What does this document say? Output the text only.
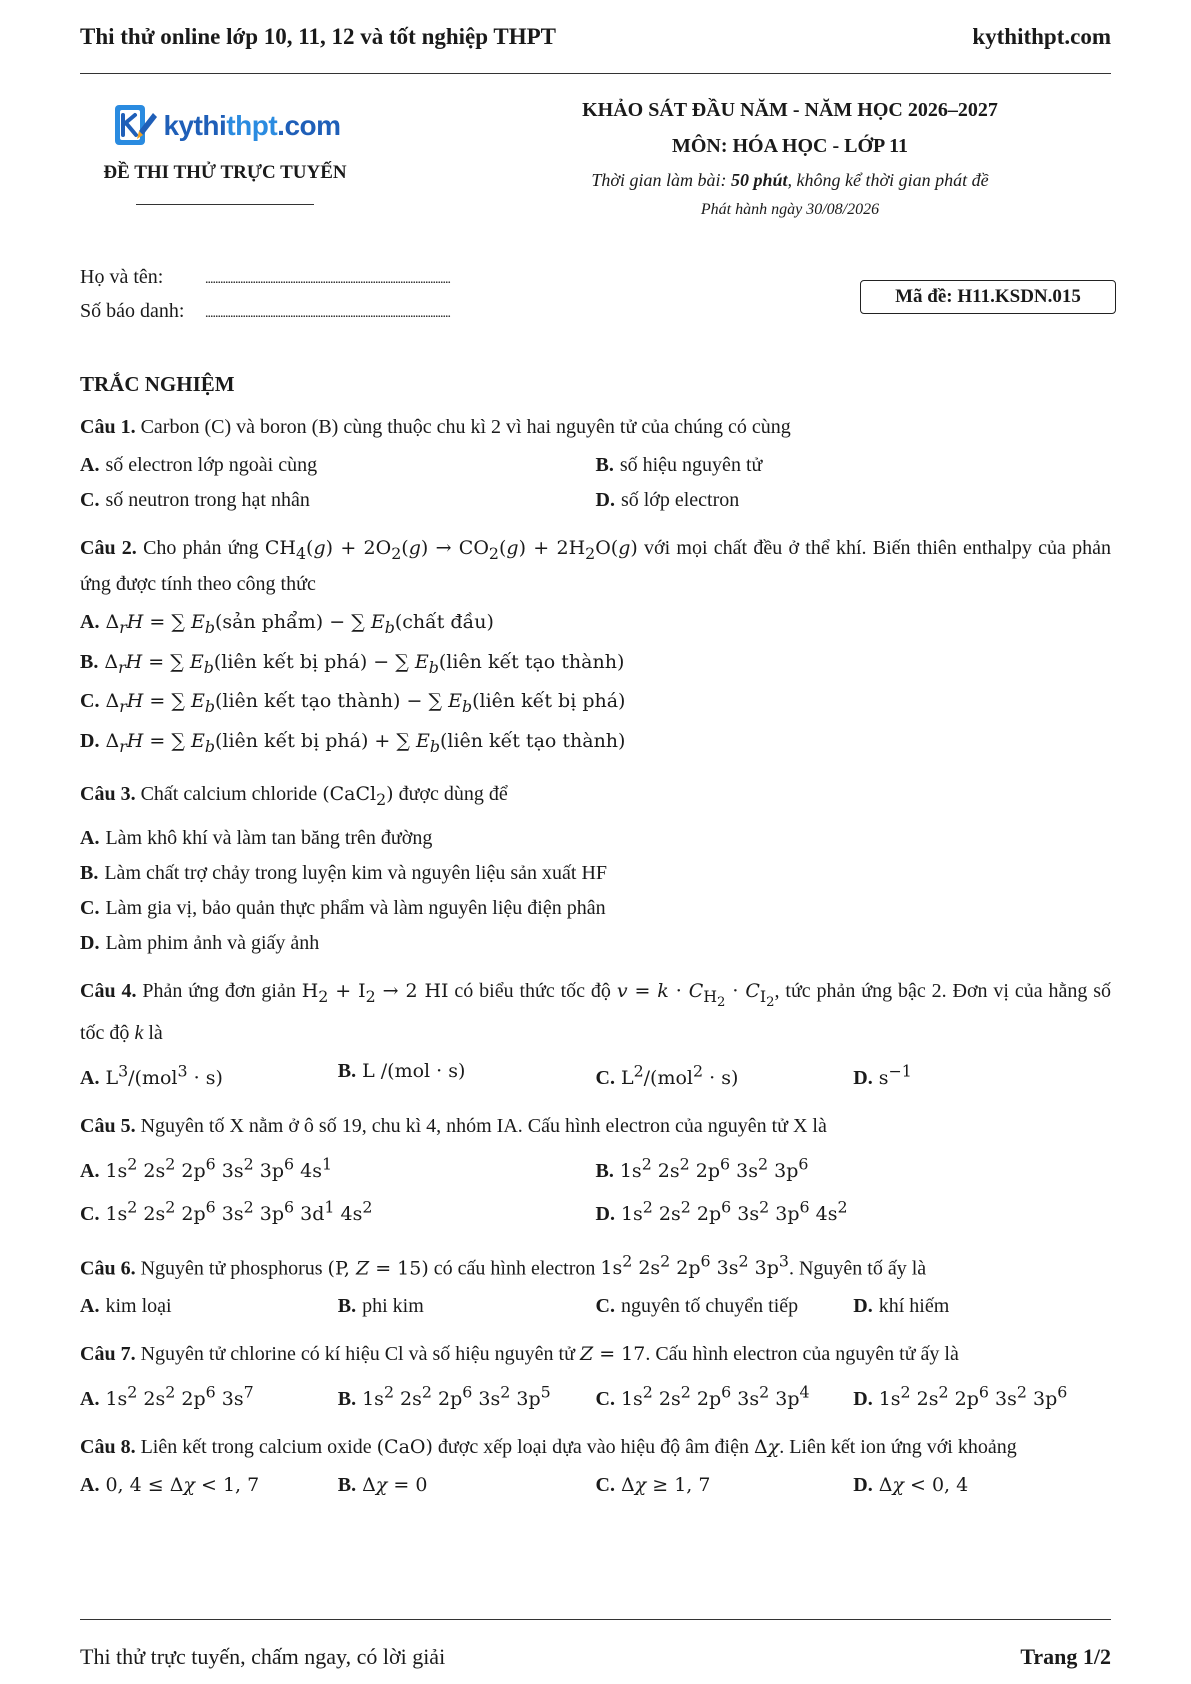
Thi thử online lớp 10, 11, 12 và tốt nghiệp THPT	kythithpt.com
kythithpt.com
ĐỀ THI THỬ TRỰC TUYẾN
KHẢO SÁT ĐẦU NĂM - NĂM HỌC 2026–2027
MÔN: HÓA HỌC - LỚP 11
Thời gian làm bài: 50 phút, không kể thời gian phát đề
Phát hành ngày 30/08/2026
Họ và tên:	..................................................................................................
Số báo danh:	..................................................................................................
Mã đề: H11.KSDN.015
TRẮC NGHIỆM
Câu 1. Carbon (C) và boron (B) cùng thuộc chu kì 2 vì hai nguyên tử của chúng có cùng
A. số electron lớp ngoài cùng	B. số hiệu nguyên tử
C. số neutron trong hạt nhân	D. số lớp electron
Câu 2. Cho phản ứng $CH_4(g) + 2O_2(g) \to CO_2(g) + 2H_2O(g)$ với mọi chất đều ở thể khí. Biến thiên enthalpy của phản ứng được tính theo công thức
A. $\Delta_rH$ = ∑ $E_b(sản$ phẩm) − ∑ $E_b(chất$ đầu)
B. $\Delta_rH$ = ∑ $E_b(liên$ kết bị phá) − ∑ $E_b(liên$ kết tạo thành)
C. $\Delta_rH$ = ∑ $E_b(liên$ kết tạo thành) − ∑ $E_b(liên$ kết bị phá)
D. $\Delta_rH$ = ∑ $E_b(liên$ kết bị phá) + ∑ $E_b(liên$ kết tạo thành)
Câu 3. Chất calcium chloride (CaCl$_2$) được dùng để
A. Làm khô khí và làm tan băng trên đường
B. Làm chất trợ chảy trong luyện kim và nguyên liệu sản xuất HF
C. Làm gia vị, bảo quản thực phẩm và làm nguyên liệu điện phân
D. Làm phim ảnh và giấy ảnh
Câu 4. Phản ứng đơn giản $H_2 + I_2 \to 2$ HI có biểu thức tốc độ $v = k \cdot C_{H_2} \cdot C_{I_2}$, tức phản ứng bậc 2. Đơn vị của hằng số tốc độ k là
A. $L^3/(mol^3 \cdot s)$	B. L /(mol · s)	C. $L^2/(mol^2 \cdot s)$	D. $s^{-1}$
Câu 5. Nguyên tố X nằm ở ô số 19, chu kì 4, nhóm IA. Cấu hình electron của nguyên tử X là
A. $1s^2$ $2s^2$ $2p^6$ $3s^2$ $3p^6$ $4s^1$	B. $1s^2$ $2s^2$ $2p^6$ $3s^2$ $3p^6$
C. $1s^2$ $2s^2$ $2p^6$ $3s^2$ $3p^6$ $3d^1$ $4s^2$	D. $1s^2$ $2s^2$ $2p^6$ $3s^2$ $3p^6$ $4s^2$
Câu 6. Nguyên tử phosphorus (P, Z = 15) có cấu hình electron $1s^2$ $2s^2$ $2p^6$ $3s^2$ $3p^3$. Nguyên tố ấy là
A. kim loại	B. phi kim	C. nguyên tố chuyển tiếp	D. khí hiếm
Câu 7. Nguyên tử chlorine có kí hiệu Cl và số hiệu nguyên tử Z = 17. Cấu hình electron của nguyên tử ấy là
A. $1s^2$ $2s^2$ $2p^6$ $3s^7$	B. $1s^2$ $2s^2$ $2p^6$ $3s^2$ $3p^5$	C. $1s^2$ $2s^2$ $2p^6$ $3s^2$ $3p^4$	D. $1s^2$ $2s^2$ $2p^6$ $3s^2$ $3p^6$
Câu 8. Liên kết trong calcium oxide (CaO) được xếp loại dựa vào hiệu độ âm điện Δχ. Liên kết ion ứng với khoảng
A. 0, 4 ≤ Δχ < 1, 7	B. Δχ = 0	C. Δχ ≥ 1, 7	D. Δχ < 0, 4
Thi thử trực tuyến, chấm ngay, có lời giải	Trang 1/2
